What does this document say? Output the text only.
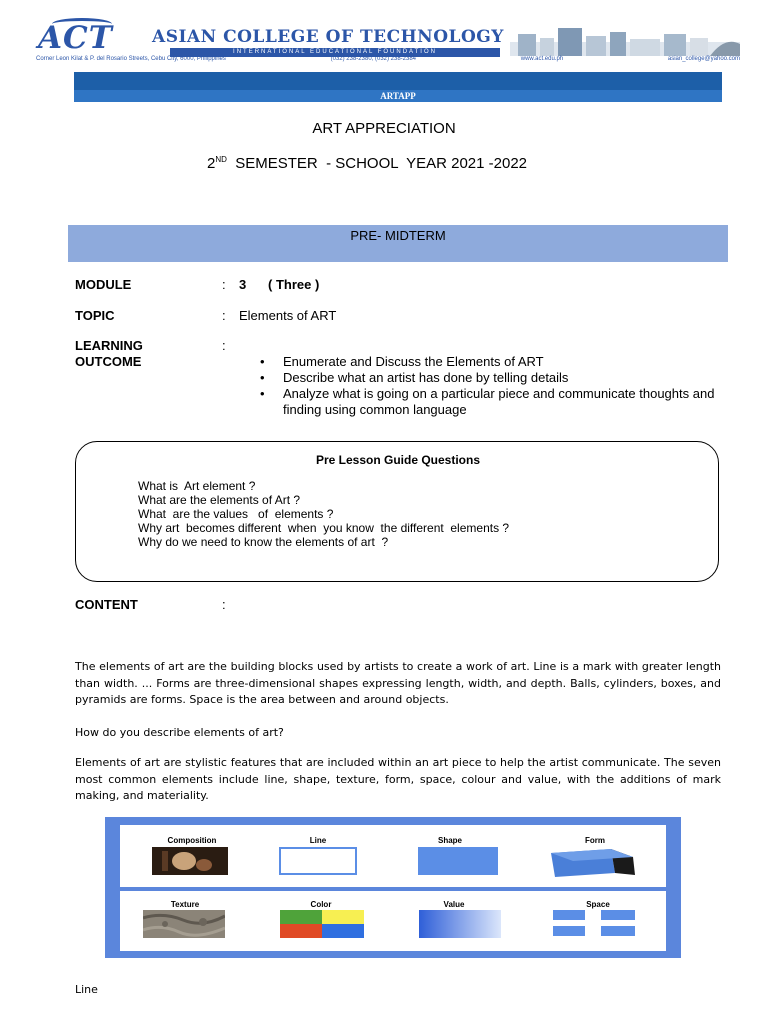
ACT ASIAN COLLEGE OF TECHNOLOGY
INTERNATIONAL EDUCATIONAL FOUNDATION
Corner Leon Kilat & P. del Rosario Streets, Cebu City, 6000, Philippines	(032) 238-2380, (032) 238-2384	www.act.edu.ph	asian_college@yahoo.com
ARTAPP
ART APPRECIATION
2ND  SEMESTER  - SCHOOL  YEAR 2021 -2022
PRE- MIDTERM
MODULE	: 3 ( Three )
TOPIC	: Elements of ART
LEARNING
OUTCOME
:
• Enumerate and Discuss the Elements of ART
• Describe what an artist has done by telling details
• Analyze what is going on a particular piece and communicate thoughts and finding using common language
Pre Lesson Guide Questions
What is  Art element ?
What are the elements of Art ?
What  are the values   of  elements ?
Why art  becomes different  when  you know  the different  elements ?
Why do we need to know the elements of art  ?
CONTENT	:
The elements of art are the building blocks used by artists to create a work of art. Line is a mark with greater length than width. ... Forms are three-dimensional shapes expressing length, width, and depth. Balls, cylinders, boxes, and pyramids are forms. Space is the area between and around objects.
How do you describe elements of art?
Elements of art are stylistic features that are included within an art piece to help the artist communicate. The seven most common elements include line, shape, texture, form, space, colour and value, with the additions of mark making, and materiality.
Composition	Line	Shape	Form
Texture	Color	Value	Space
Line
